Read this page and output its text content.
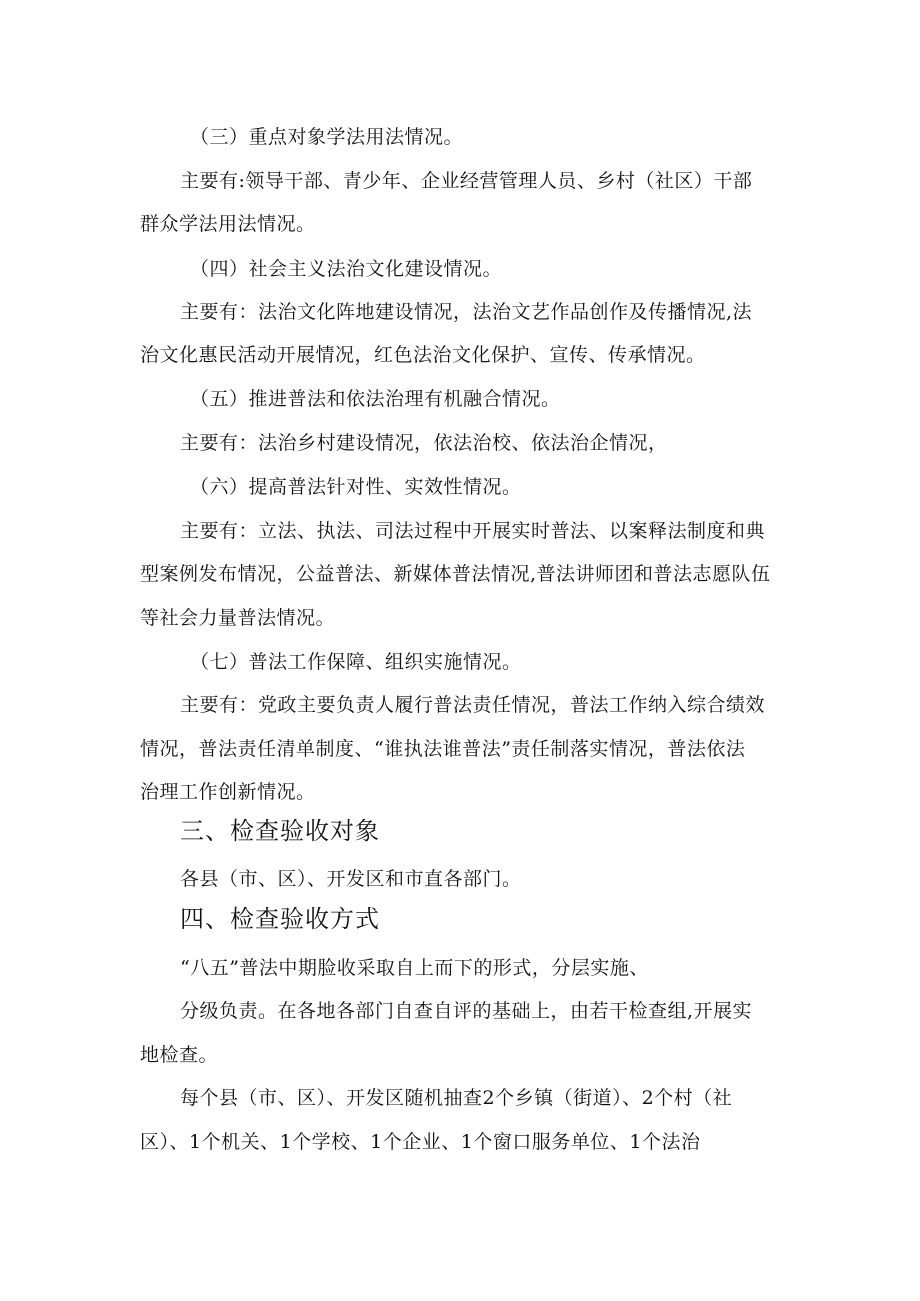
（三）重点对象学法用法情况。
主要有:领导干部、青少年、企业经营管理人员、乡村（社区）干部
群众学法用法情况。
（四）社会主义法治文化建设情况。
主要有：法治文化阵地建设情况，法治文艺作品创作及传播情况,法
治文化惠民活动开展情况，红色法治文化保护、宣传、传承情况。
（五）推进普法和依法治理有机融合情况。
主要有：法治乡村建设情况，依法治校、依法治企情况，
（六）提高普法针对性、实效性情况。
主要有：立法、执法、司法过程中开展实时普法、以案释法制度和典
型案例发布情况，公益普法、新媒体普法情况,普法讲师团和普法志愿队伍
等社会力量普法情况。
（七）普法工作保障、组织实施情况。
主要有：党政主要负责人履行普法责任情况，普法工作纳入综合绩效
情况，普法责任清单制度、“谁执法谁普法”责任制落实情况，普法依法
治理工作创新情况。
三、检查验收对象
各县（市、区）、开发区和市直各部门。
四、检查验收方式
“八五”普法中期脸收采取自上而下的形式，分层实施、
分级负责。在各地各部门自查自评的基础上，由若干检查组,开展实
地检查。
每个县（市、区）、开发区随机抽查2个乡镇（街道）、2个村（社
区）、1个机关、1个学校、1个企业、1个窗口服务单位、1个法治
